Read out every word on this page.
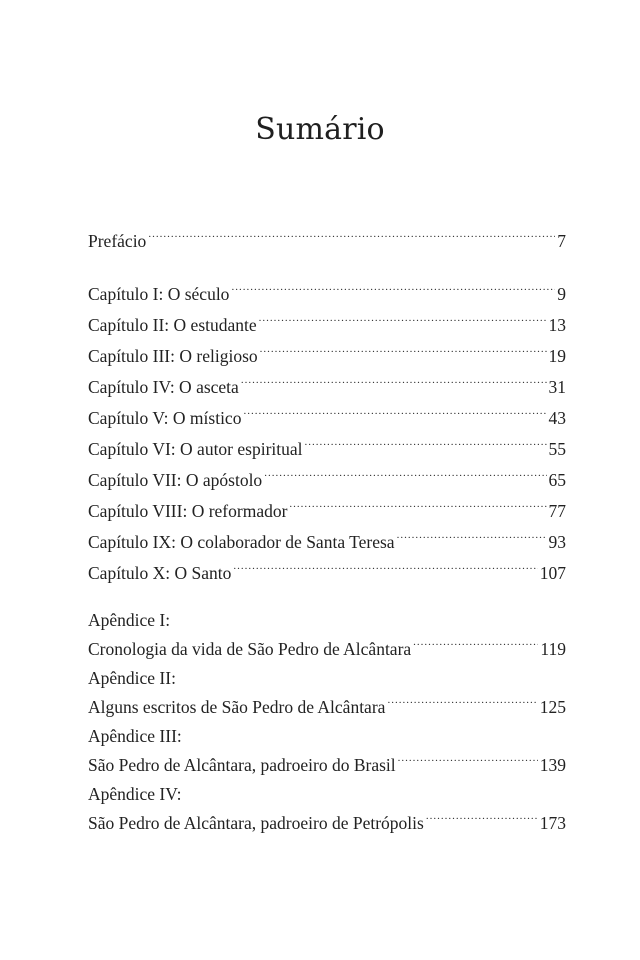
Sumário
Prefácio .....	7
Capítulo I: O século .....	9
Capítulo II: O estudante .....	13
Capítulo III: O religioso .....	19
Capítulo IV: O asceta .....	31
Capítulo V: O místico .....	43
Capítulo VI: O autor espiritual .....	55
Capítulo VII: O apóstolo .....	65
Capítulo VIII: O reformador .....	77
Capítulo IX: O colaborador de Santa Teresa .....	93
Capítulo X: O Santo .....	107
Apêndice I:
Cronologia da vida de São Pedro de Alcântara .....	119
Apêndice II:
Alguns escritos de São Pedro de Alcântara .....	125
Apêndice III:
São Pedro de Alcântara, padroeiro do Brasil .....	139
Apêndice IV:
São Pedro de Alcântara, padroeiro de Petrópolis .....	173
